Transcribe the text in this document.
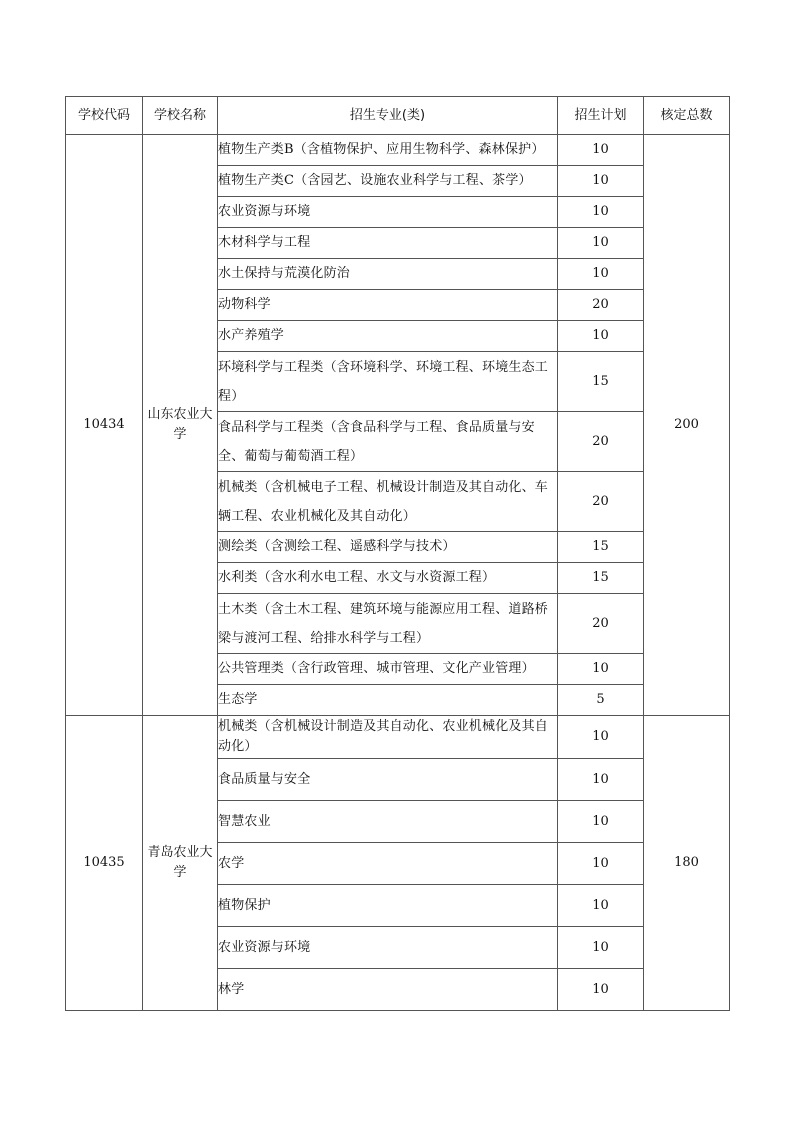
学校代码	学校名称	招生专业(类)	招生计划	核定总数
10434	山东农业大学	植物生产类B（含植物保护、应用生物科学、森林保护）	10	200
		植物生产类C（含园艺、设施农业科学与工程、茶学）	10	
		农业资源与环境	10	
		木材科学与工程	10	
		水土保持与荒漠化防治	10	
		动物科学	20	
		水产养殖学	10	
		环境科学与工程类（含环境科学、环境工程、环境生态工程）	15	
		食品科学与工程类（含食品科学与工程、食品质量与安全、葡萄与葡萄酒工程）	20	
		机械类（含机械电子工程、机械设计制造及其自动化、车辆工程、农业机械化及其自动化）	20	
		测绘类（含测绘工程、遥感科学与技术）	15	
		水利类（含水利水电工程、水文与水资源工程）	15	
		土木类（含土木工程、建筑环境与能源应用工程、道路桥梁与渡河工程、给排水科学与工程）	20	
		公共管理类（含行政管理、城市管理、文化产业管理）	10	
		生态学	5	
10435	青岛农业大学	机械类（含机械设计制造及其自动化、农业机械化及其自动化）	10	180
		食品质量与安全	10	
		智慧农业	10	
		农学	10	
		植物保护	10	
		农业资源与环境	10	
		林学	10	
